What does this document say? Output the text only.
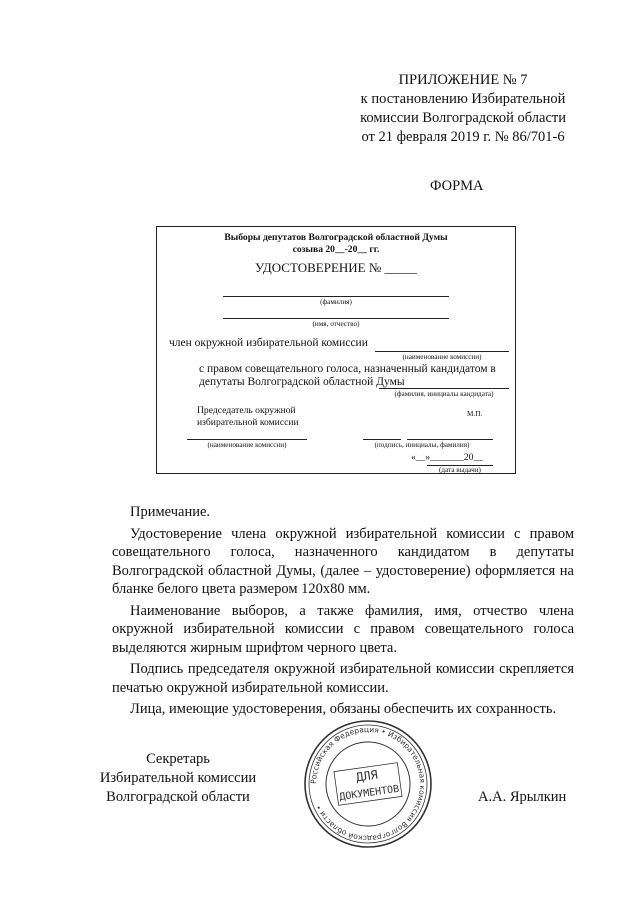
ПРИЛОЖЕНИЕ № 7
к постановлению Избирательной
комиссии Волгоградской области
от 21 февраля 2019 г. № 86/701-6
ФОРМА
Выборы депутатов Волгоградской областной Думы
созыва 20__-20__ гг.
УДОСТОВЕРЕНИЕ № _____
(фамилия)
(имя, отчество)
член окружной избирательной комиссии
(наименование комиссии)
с правом совещательного голоса, назначенный кандидатом в
депутаты Волгоградской областной Думы
(фамилия, инициалы кандидата)
Председатель окружной
избирательной комиссии
М.П.
(наименование комиссии)	(подпись, инициалы, фамилия)
«__»_______20__
(дата выдачи)

Примечание.

Удостоверение члена окружной избирательной комиссии с правом совещательного голоса, назначенного кандидатом в депутаты Волгоградской областной Думы, (далее – удостоверение) оформляется на бланке белого цвета размером 120х80 мм.

Наименование выборов, а также фамилия, имя, отчество члена окружной избирательной комиссии с правом совещательного голоса выделяются жирным шрифтом черного цвета.

Подпись председателя окружной избирательной комиссии скрепляется печатью окружной избирательной комиссии.

Лица, имеющие удостоверения, обязаны обеспечить их сохранность.

Секретарь
Избирательной комиссии
Волгоградской области	А.А. Ярылкин
Российская Федерация • Избирательная комиссия Волгоградской области •
ДЛЯ
ДОКУМЕНТОВ
